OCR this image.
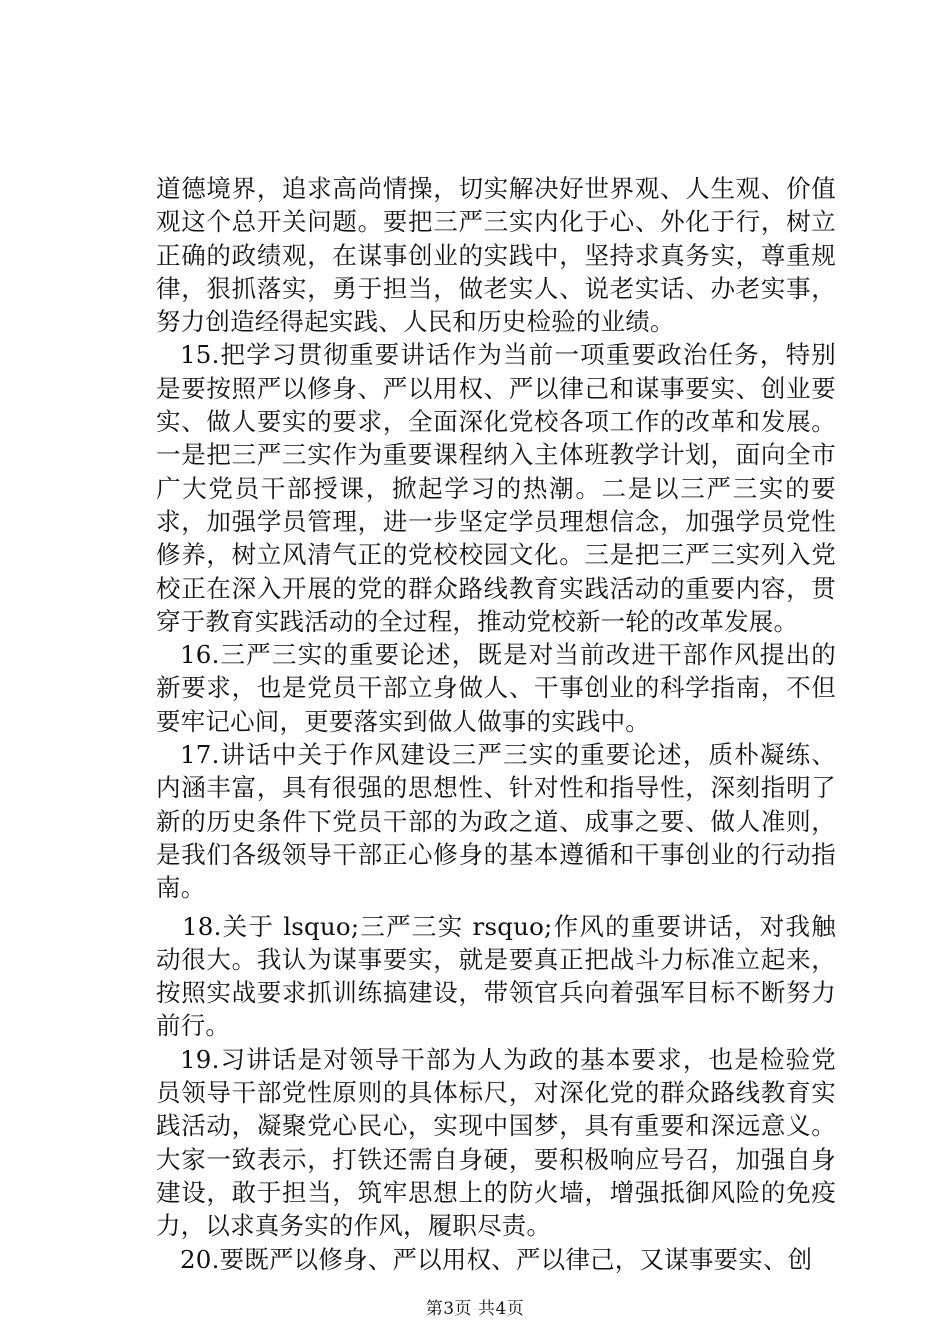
道德境界，追求高尚情操，切实解决好世界观、人生观、价值观这个总开关问题。要把三严三实内化于心、外化于行，树立正确的政绩观，在谋事创业的实践中，坚持求真务实，尊重规律，狠抓落实，勇于担当，做老实人、说老实话、办老实事，努力创造经得起实践、人民和历史检验的业绩。

15.把学习贯彻重要讲话作为当前一项重要政治任务，特别是要按照严以修身、严以用权、严以律己和谋事要实、创业要实、做人要实的要求，全面深化党校各项工作的改革和发展。一是把三严三实作为重要课程纳入主体班教学计划，面向全市广大党员干部授课，掀起学习的热潮。二是以三严三实的要求，加强学员管理，进一步坚定学员理想信念，加强学员党性修养，树立风清气正的党校校园文化。三是把三严三实列入党校正在深入开展的党的群众路线教育实践活动的重要内容，贯穿于教育实践活动的全过程，推动党校新一轮的改革发展。

16.三严三实的重要论述，既是对当前改进干部作风提出的新要求，也是党员干部立身做人、干事创业的科学指南，不但要牢记心间，更要落实到做人做事的实践中。

17.讲话中关于作风建设三严三实的重要论述，质朴凝练、内涵丰富，具有很强的思想性、针对性和指导性，深刻指明了新的历史条件下党员干部的为政之道、成事之要、做人准则，是我们各级领导干部正心修身的基本遵循和干事创业的行动指南。

18.关于 lsquo;三严三实 rsquo;作风的重要讲话，对我触动很大。我认为谋事要实，就是要真正把战斗力标准立起来，按照实战要求抓训练搞建设，带领官兵向着强军目标不断努力前行。

19.习讲话是对领导干部为人为政的基本要求，也是检验党员领导干部党性原则的具体标尺，对深化党的群众路线教育实践活动，凝聚党心民心，实现中国梦，具有重要和深远意义。大家一致表示，打铁还需自身硬，要积极响应号召，加强自身建设，敢于担当，筑牢思想上的防火墙，增强抵御风险的免疫力，以求真务实的作风，履职尽责。

20.要既严以修身、严以用权、严以律己，又谋事要实、创

第3页 共4页
